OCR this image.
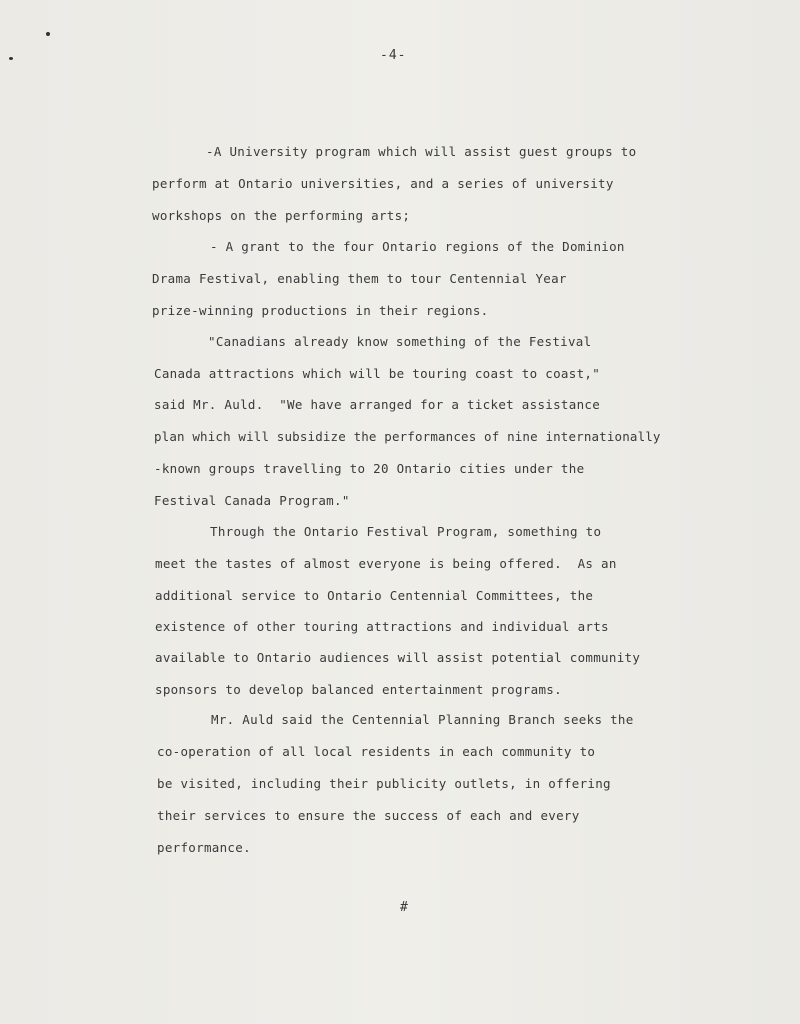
-4-
-A University program which will assist guest groups to
perform at Ontario universities, and a series of university
workshops on the performing arts;
- A grant to the four Ontario regions of the Dominion
Drama Festival, enabling them to tour Centennial Year
prize-winning productions in their regions.
"Canadians already know something of the Festival
Canada attractions which will be touring coast to coast,"
said Mr. Auld.  "We have arranged for a ticket assistance
plan which will subsidize the performances of nine internationally
-known groups travelling to 20 Ontario cities under the
Festival Canada Program."
Through the Ontario Festival Program, something to
meet the tastes of almost everyone is being offered.  As an
additional service to Ontario Centennial Committees, the
existence of other touring attractions and individual arts
available to Ontario audiences will assist potential community
sponsors to develop balanced entertainment programs.
Mr. Auld said the Centennial Planning Branch seeks the
co-operation of all local residents in each community to
be visited, including their publicity outlets, in offering
their services to ensure the success of each and every
performance.
#
